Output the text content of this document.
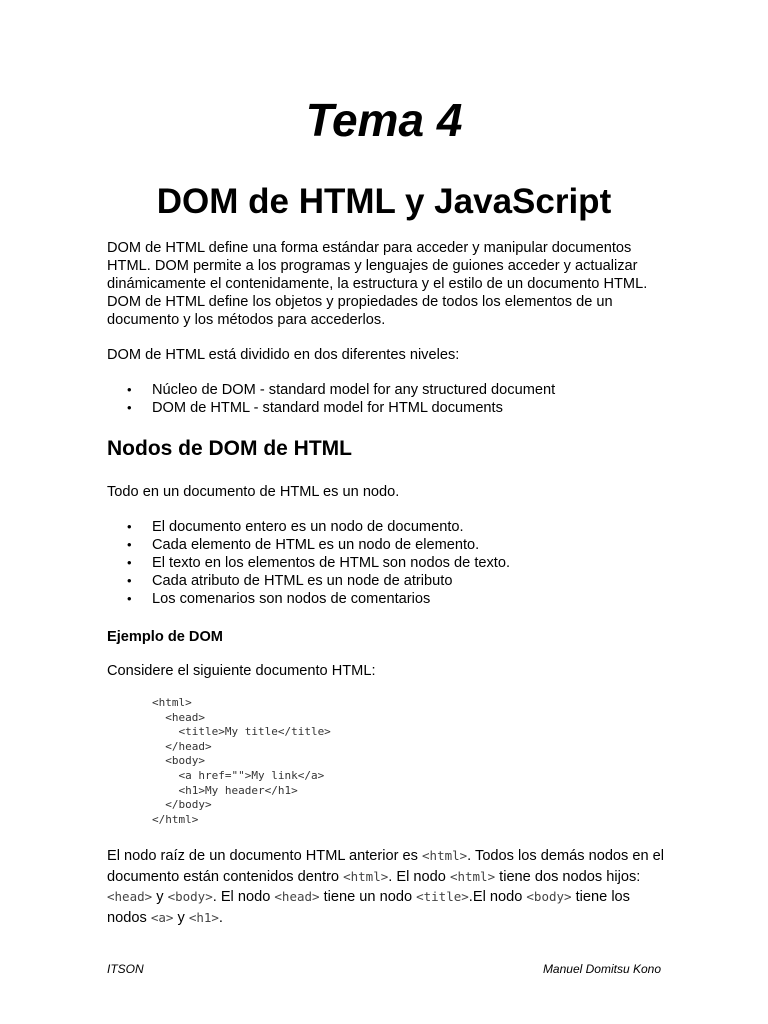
Tema 4
DOM de HTML y JavaScript

DOM de HTML define una forma estándar para acceder y manipular documentos HTML. DOM permite a los programas y lenguajes de guiones acceder y actualizar dinámicamente el contenidamente, la estructura y el estilo de un documento HTML. DOM de HTML define los objetos y propiedades de todos los elementos de un documento y los métodos para accederlos.

DOM de HTML está dividido en dos diferentes niveles:

• Núcleo de DOM - standard model for any structured document
• DOM de HTML - standard model for HTML documents
Nodos de DOM de HTML

Todo en un documento de HTML es un nodo.

• El documento entero es un nodo de documento.
• Cada elemento de HTML es un nodo de elemento.
• El texto en los elementos de HTML son nodos de texto.
• Cada atributo de HTML es un node de atributo
• Los comenarios son nodos de comentarios
Ejemplo de DOM

Considere el siguiente documento HTML:

<html>
<head>
<title>My title</title>
</head>
<body>
<a href="">My link</a>
<h1>My header</h1>
</body>
</html>

El nodo raíz de un documento HTML anterior es <html>. Todos los demás nodos en el documento están contenidos dentro <html>. El nodo <html> tiene dos nodos hijos: <head> y <body>. El nodo <head> tiene un nodo <title>.El nodo <body> tiene los nodos <a> y <h1>.

ITSON	Manuel Domitsu Kono
